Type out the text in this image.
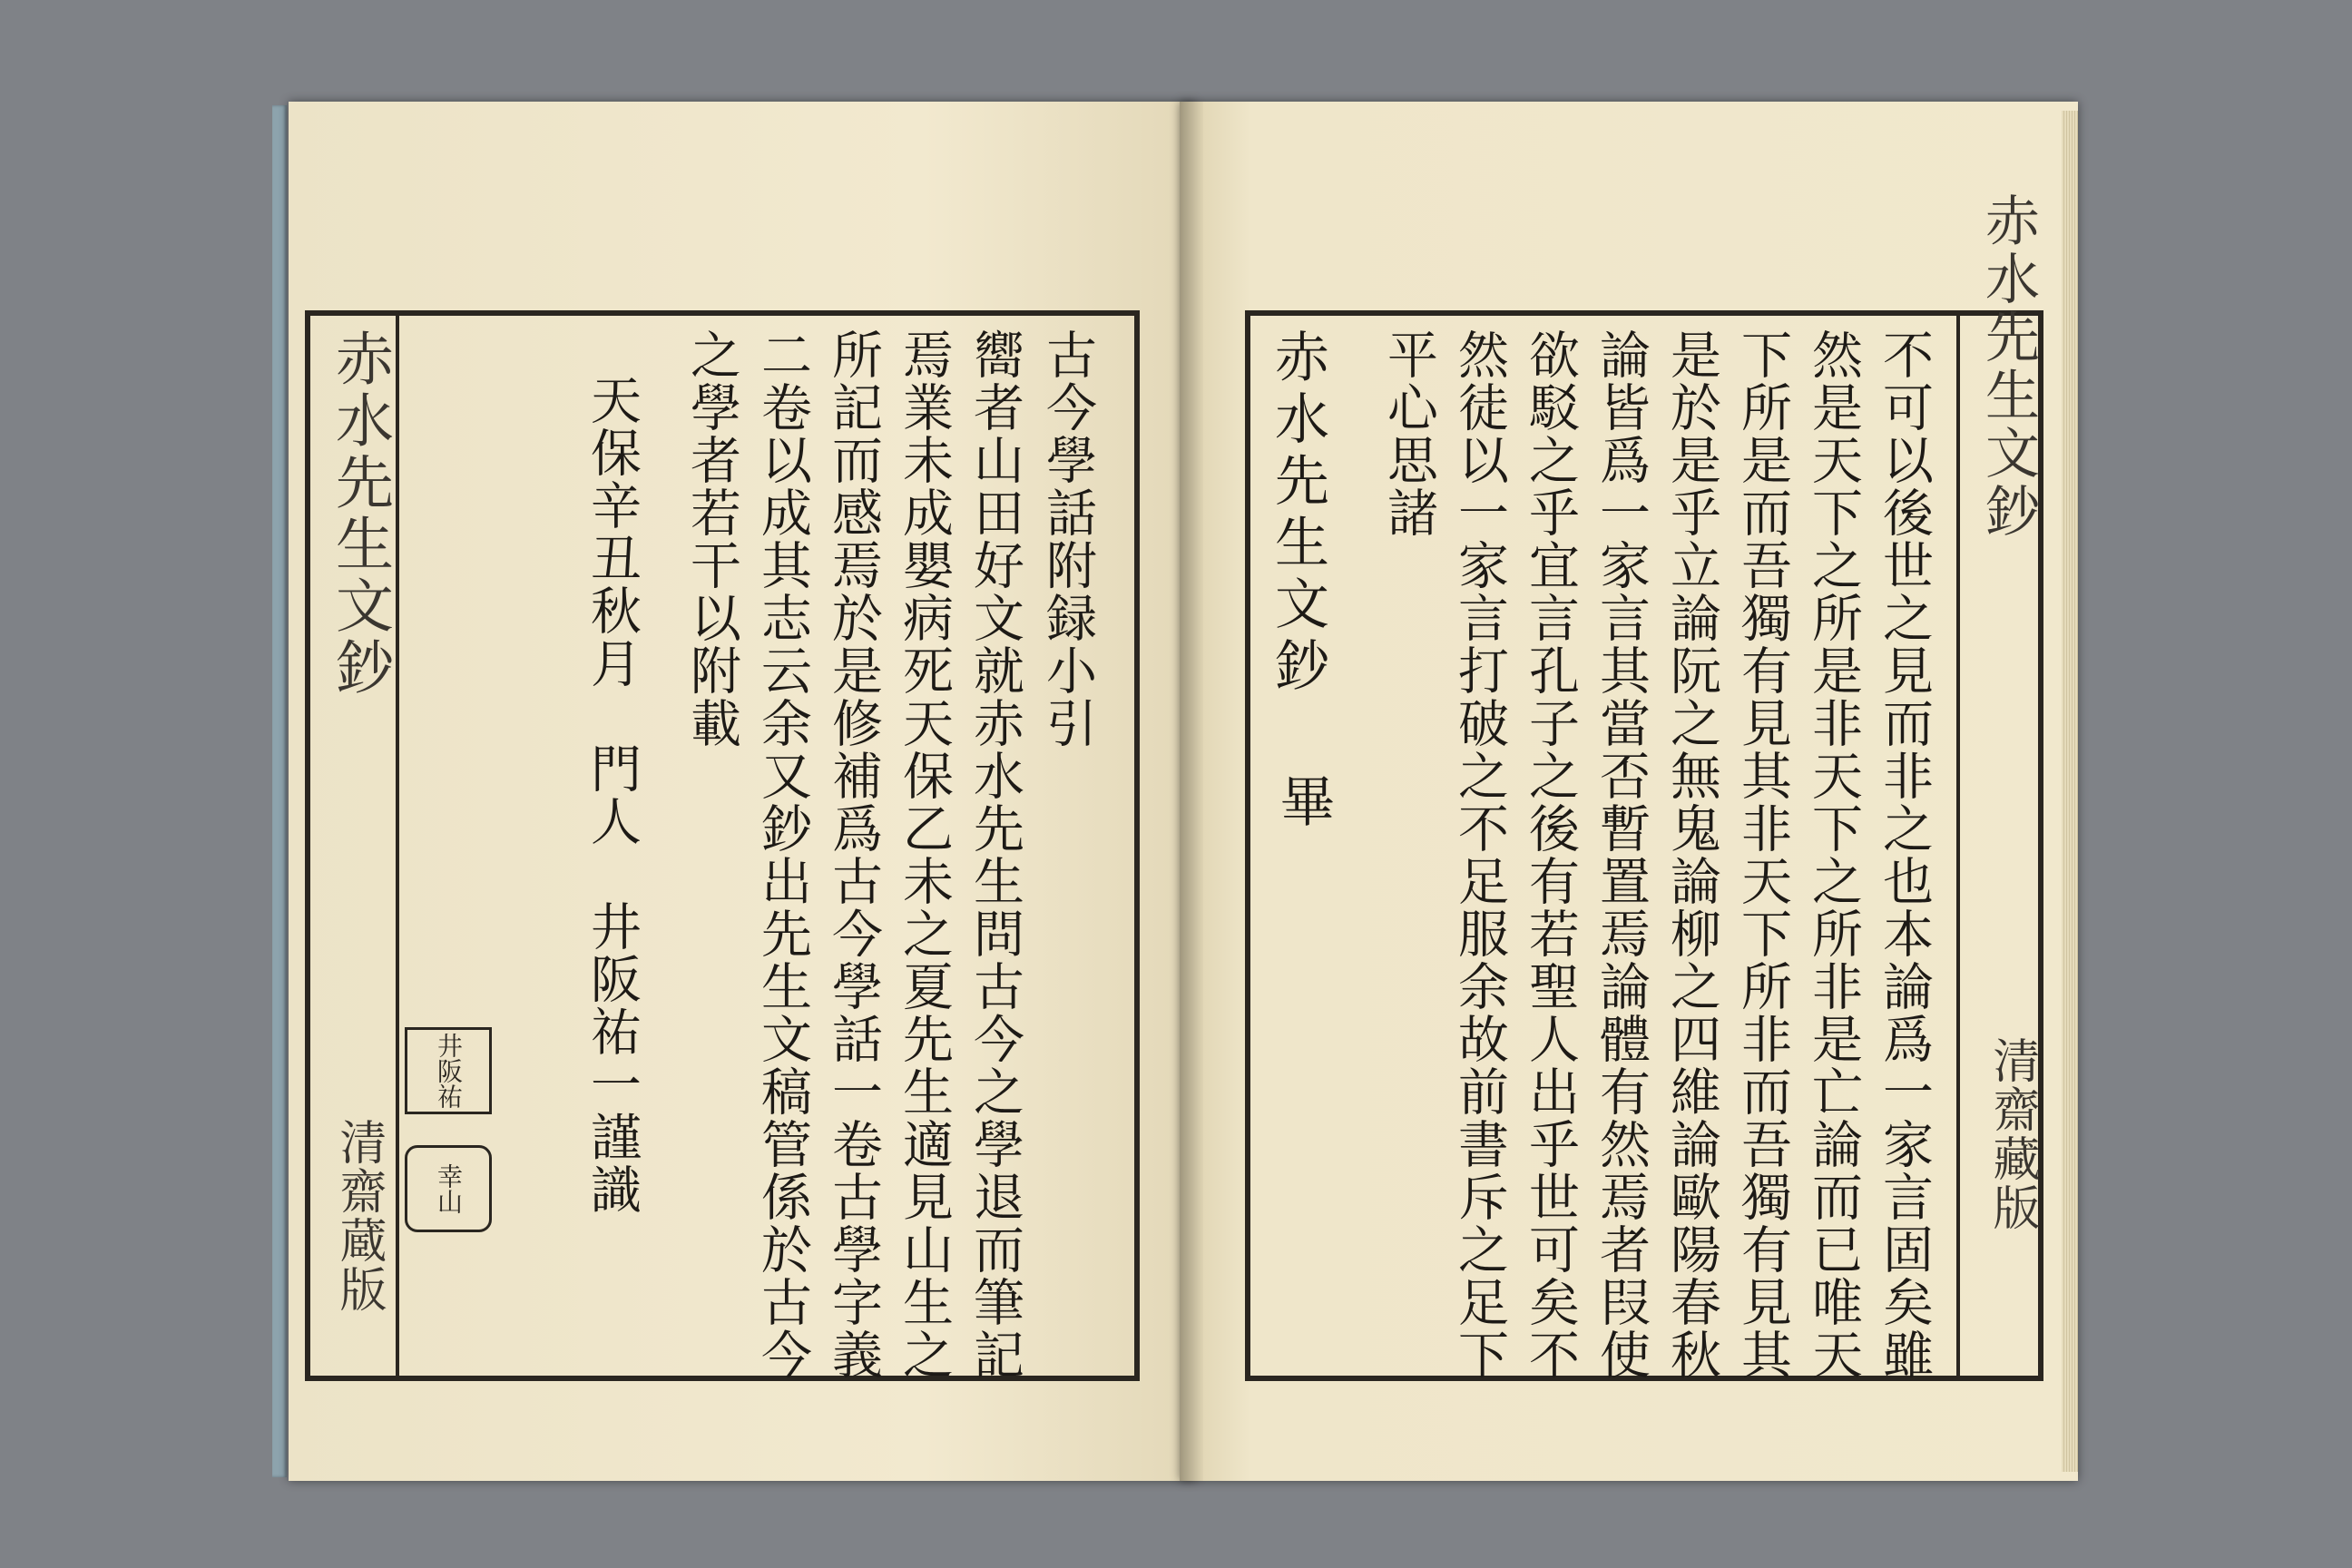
赤水先生文鈔
清齋蔵版
古今學話附録小引
嚮者山田好文就赤水先生問古今之學退而筆記
焉業未成嬰病死天保乙未之夏先生適見山生之
所記而感焉於是修補爲古今學話一卷古學字義
二卷以成其志云余又鈔出先生文稿管係於古今
之學者若干以附載
天保辛丑秋月　門人　井阪祐一謹識
井阪祐
幸山
赤水先生文鈔
清齋藏版
不可以後世之見而非之也本論爲一家言固矣雖
然是天下之所是非天下之所非是亡論而已唯天
下所是而吾獨有見其非天下所非而吾獨有見其
是於是乎立論阮之無鬼論柳之四維論歐陽春秋
論皆爲一家言其當否暫置焉論體有然焉者叚使
欲駁之乎宜言孔子之後有若聖人出乎世可矣不
然徒以一家言打破之不足服余故前書斥之足下
平心思諸
赤水先生文鈔
畢
